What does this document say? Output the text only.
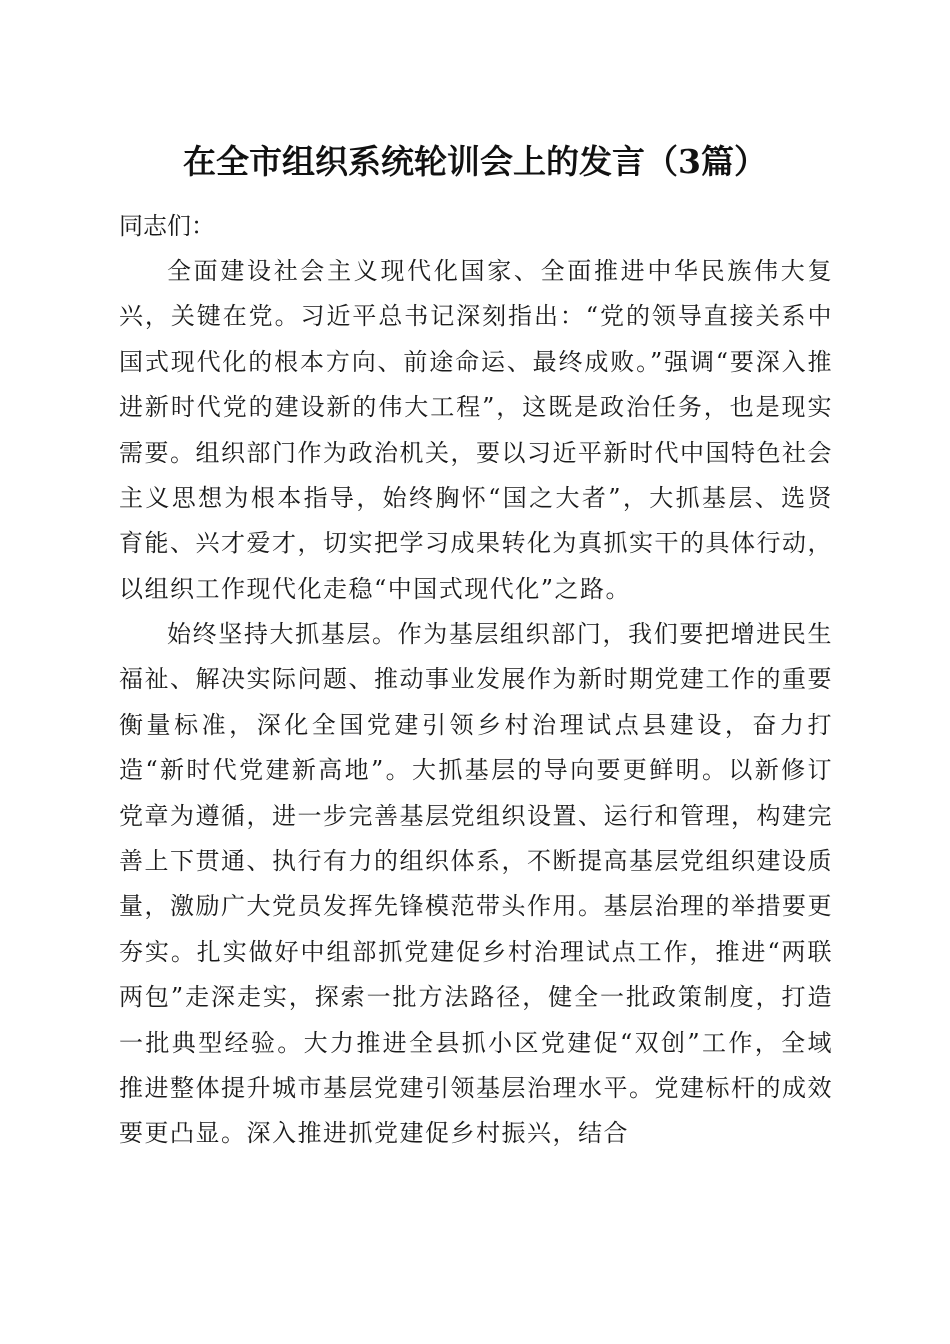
在全市组织系统轮训会上的发言（3篇）
同志们：

全面建设社会主义现代化国家、全面推进中华民族伟大复兴，关键在党。习近平总书记深刻指出：“党的领导直接关系中国式现代化的根本方向、前途命运、最终成败。”强调“要深入推进新时代党的建设新的伟大工程”，这既是政治任务，也是现实需要。组织部门作为政治机关，要以习近平新时代中国特色社会主义思想为根本指导，始终胸怀“国之大者”，大抓基层、选贤育能、兴才爱才，切实把学习成果转化为真抓实干的具体行动，以组织工作现代化走稳“中国式现代化”之路。

始终坚持大抓基层。作为基层组织部门，我们要把增进民生福祉、解决实际问题、推动事业发展作为新时期党建工作的重要衡量标准，深化全国党建引领乡村治理试点县建设，奋力打造“新时代党建新高地”。大抓基层的导向要更鲜明。以新修订党章为遵循，进一步完善基层党组织设置、运行和管理，构建完善上下贯通、执行有力的组织体系，不断提高基层党组织建设质量，激励广大党员发挥先锋模范带头作用。基层治理的举措要更夯实。扎实做好中组部抓党建促乡村治理试点工作，推进“两联两包”走深走实，探索一批方法路径，健全一批政策制度，打造一批典型经验。大力推进全县抓小区党建促“双创”工作，全域推进整体提升城市基层党建引领基层治理水平。党建标杆的成效要更凸显。深入推进抓党建促乡村振兴，结合
